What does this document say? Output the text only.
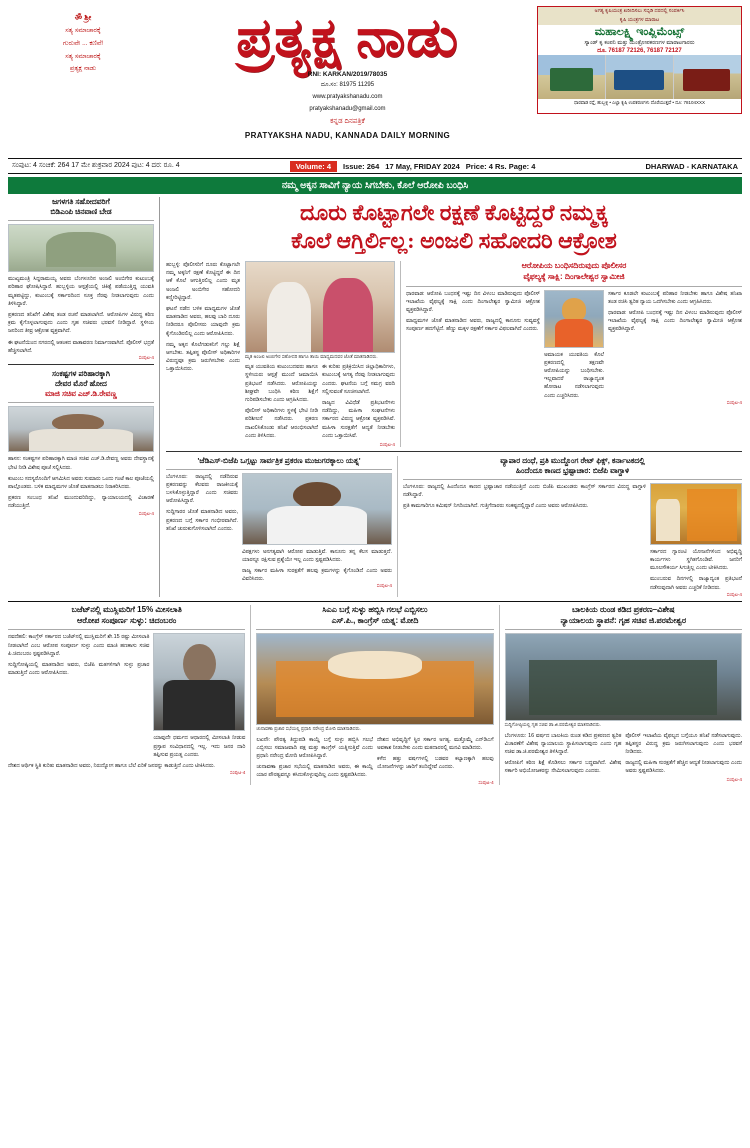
ॐ ಶ್ರೀ
ಸತ್ಯ ಸಮಾಚಾರಕ್ಕೆ
ಗುರುವೇ ... ಕಣಿವೆ!
ಸತ್ಯ ಸಮಾಚಾರಕ್ಕೆ
ಪ್ರತ್ಯಕ್ಷ ನಾಡು
ಪ್ರತ್ಯಕ್ಷ ನಾಡು
RNI: KARKAN/2019/78035
ದೂ.ಸಂ: 81975 11295
www.pratyakshanadu.com
pratyakshanadu@gmail.com
ಕನ್ನಡ ದಿನಪತ್ರಿಕೆ
PRATYAKSHA NADU, KANNADA DAILY MORNING
ಅಗತ್ಯ ಕೃಷಿಯಂತ್ರ ಖರೀದಿಸಲು ಸಬ್ಸಿಡಿ ದರದಲ್ಲಿ ಸಂಪರ್ಕಿಸಿ
ಕೃಷಿ ಯಂತ್ರಗಳ ಮಾರಾಟ
ಮಹಾಲಕ್ಷ್ಮಿ ಇಂಪ್ಲಿಮೆಂಟ್ಸ್
ಸ್ಯಾಂಡ್ ಕೃ ಕಂಪನಿ ಮತ್ತು ಯಂತ್ರೋಪಕರಣಗಳ ಮಾರಾಟಗಾರರು
ದೂ. 76187 72126, 76187 72127
ಧಾರವಾಡ ರಸ್ತೆ, ಹುಬ್ಬಳ್ಳಿ • ಎಲ್ಲಾ ಕೃಷಿ ಉಪಕರಣಗಳು ದೊರೆಯುತ್ತವೆ • ದೂ: 78104XXX
ಸಂಪುಟ: 4 ಸಂಚಿಕೆ: 264 17 ಮೇ ಶುಕ್ರವಾರ 2024 ಪುಟ: 4 ದರ: ರೂ. 4	Volume: 4	Issue: 264 17 May, FRIDAY 2024 Price: 4 Rs. Page: 4	DHARWAD - KARNATAKA
ನಮ್ಮ ಅಕ್ಕನ ಸಾವಿಗೆ ನ್ಯಾಯ ಸಿಗಬೇಕು, ಕೊಲೆ ಆರೋಪಿ ಬಂಧಿಸಿ
ಜಗಳಗತಿ ಸಹೋದವರಿಗೆ
ಬಿಡಿಎಂಪಿ ಚಿನವಾಣಿ ಬೇಡ
ಮುಖ್ಯಮಂತ್ರಿ ಸಿದ್ದರಾಮಯ್ಯ ಅವರು ಬೆಂಗಳೂರಿನ ಅಂಜಲಿ ಅಂಬಿಗೇರ ಕುಟುಂಬಕ್ಕೆ ಪರಿಹಾರ ಘೋಷಿಸಿದ್ದಾರೆ. ಹುಬ್ಬಳ್ಳಿಯ ಆಸ್ಪತ್ರೆಯಲ್ಲಿ ಚಿಕಿತ್ಸೆ ಪಡೆಯುತ್ತಿದ್ದ ಯುವತಿ ಮೃತಪಟ್ಟಿದ್ದು, ಕುಟುಂಬಕ್ಕೆ ಸರ್ಕಾರದಿಂದ ಸೂಕ್ತ ನೆರವು ನೀಡಲಾಗುವುದು ಎಂದು ತಿಳಿಸಿದ್ದಾರೆ.
ಪ್ರಕರಣದ ತನಿಖೆಗೆ ವಿಶೇಷ ತಂಡ ರಚನೆ ಮಾಡಲಾಗಿದೆ. ಆರೋಪಿಗಳ ವಿರುದ್ಧ ಕಠಿಣ ಕ್ರಮ ಕೈಗೊಳ್ಳಲಾಗುವುದು ಎಂದು ಗೃಹ ಸಚಿವರು ಭರವಸೆ ನೀಡಿದ್ದಾರೆ. ಸ್ಥಳೀಯ ಜನರಿಂದ ತೀವ್ರ ಆಕ್ರೋಶ ವ್ಯಕ್ತವಾಗಿದೆ.
ಈ ಘಟನೆಯಿಂದ ನಗರದಲ್ಲಿ ಆತಂಕದ ವಾತಾವರಣ ನಿರ್ಮಾಣವಾಗಿದೆ. ಪೊಲೀಸ್ ಭದ್ರತೆ ಹೆಚ್ಚಿಸಲಾಗಿದೆ.
ಸಂಪುಟ-4
ಸಂಕಷ್ಟಗಳ ಪರಿಹಾರಕ್ಕಾಗಿ
ದೇವರ ಮೊರೆ ಹೋದ
ಮಾಜಿ ಸಚಿವ ಎಚ್.ಡಿ.ರೇವಣ್ಣ
ಹಾಸನ: ಸಂಕಷ್ಟಗಳ ಪರಿಹಾರಕ್ಕಾಗಿ ಮಾಜಿ ಸಚಿವ ಎಚ್.ಡಿ.ರೇವಣ್ಣ ಅವರು ದೇವಸ್ಥಾನಕ್ಕೆ ಭೇಟಿ ನೀಡಿ ವಿಶೇಷ ಪೂಜೆ ಸಲ್ಲಿಸಿದರು.
ಕುಟುಂಬ ಸದಸ್ಯರೊಂದಿಗೆ ಆಗಮಿಸಿದ ಅವರು ಸುಮಾರು ಒಂದು ಗಂಟೆ ಕಾಲ ಪೂಜೆಯಲ್ಲಿ ಪಾಲ್ಗೊಂಡರು. ಬಳಿಕ ಮಾಧ್ಯಮಗಳ ಜೊತೆ ಮಾತನಾಡಲು ನಿರಾಕರಿಸಿದರು.
ಪ್ರಕರಣ ಸಂಬಂಧ ತನಿಖೆ ಮುಂದುವರಿದಿದ್ದು, ನ್ಯಾಯಾಲಯದಲ್ಲಿ ವಿಚಾರಣೆ ನಡೆಯುತ್ತಿದೆ.
ಸಂಪುಟ-4
ದೂರು ಕೊಟ್ಟಾಗಲೇ ರಕ್ಷಣೆ ಕೊಟ್ಟಿದ್ದರೆ ನಮ್ಮಕ್ಕ
ಕೊಲೆ ಆಗ್ತಿರ್ಲಿಲ್ಲ: ಅಂಜಲಿ ಸಹೋದರಿ ಆಕ್ರೋಶ
ಹುಬ್ಬಳ್ಳಿ: ಪೊಲೀಸರಿಗೆ ದೂರು ಕೊಟ್ಟಾಗಲೇ ನಮ್ಮ ಅಕ್ಕನಿಗೆ ರಕ್ಷಣೆ ಕೊಟ್ಟಿದ್ದರೆ ಈ ದಿನ ಆಕೆ ಕೊಲೆ ಆಗುತ್ತಿರಲಿಲ್ಲ ಎಂದು ಮೃತ ಅಂಜಲಿ ಅಂಬಿಗೇರ ಸಹೋದರಿ ಕಣ್ಣೀರಿಟ್ಟಿದ್ದಾರೆ.
ಘಟನೆ ನಡೆದ ಬಳಿಕ ಮಾಧ್ಯಮಗಳ ಜೊತೆ ಮಾತನಾಡಿದ ಅವರು, ಹಲವು ಬಾರಿ ದೂರು ನೀಡಿದರೂ ಪೊಲೀಸರು ಯಾವುದೇ ಕ್ರಮ ಕೈಗೊಂಡಿರಲಿಲ್ಲ ಎಂದು ಆರೋಪಿಸಿದರು.
ನಮ್ಮ ಅಕ್ಕನ ಕೊಲೆಗಡುಕನಿಗೆ ಗಲ್ಲು ಶಿಕ್ಷೆ ಆಗಬೇಕು. ತಪ್ಪಿತಸ್ಥ ಪೊಲೀಸ್ ಅಧಿಕಾರಿಗಳ ವಿರುದ್ಧವೂ ಕ್ರಮ ಜರುಗಿಸಬೇಕು ಎಂದು ಒತ್ತಾಯಿಸಿದರು.
ಮೃತ ಅಂಜಲಿ ಅಂಬಿಗೇರ ಸಹೋದರಿ ಹಾಗೂ ತಾಯಿ ಮಾಧ್ಯಮದವರ ಜೊತೆ ಮಾತನಾಡಿದರು.
ಮೃತ ಯುವತಿಯ ಕುಟುಂಬದವರು ಹಾಗೂ ಸ್ಥಳೀಯರು ಆಸ್ಪತ್ರೆ ಮುಂದೆ ಜಮಾಯಿಸಿ ಪ್ರತಿಭಟನೆ ನಡೆಸಿದರು. ಆರೋಪಿಯನ್ನು ಶೀಘ್ರವೇ ಬಂಧಿಸಿ ಕಠಿಣ ಶಿಕ್ಷೆಗೆ ಗುರಿಪಡಿಸಬೇಕು ಎಂದು ಆಗ್ರಹಿಸಿದರು.
ಪೊಲೀಸ್ ಅಧಿಕಾರಿಗಳು ಸ್ಥಳಕ್ಕೆ ಭೇಟಿ ನೀಡಿ ಪರಿಶೀಲನೆ ನಡೆಸಿದರು. ಪ್ರಕರಣ ದಾಖಲಿಸಿಕೊಂಡು ತನಿಖೆ ಆರಂಭಿಸಲಾಗಿದೆ ಎಂದು ತಿಳಿಸಿದರು.
ಈ ಕುರಿತು ಪ್ರತಿಕ್ರಿಯಿಸಿದ ಜಿಲ್ಲಾಧಿಕಾರಿಗಳು, ಕುಟುಂಬಕ್ಕೆ ಅಗತ್ಯ ನೆರವು ನೀಡಲಾಗುವುದು ಎಂದರು. ಘಟನೆಯ ಬಗ್ಗೆ ಸಮಗ್ರ ವರದಿ ಸಲ್ಲಿಸುವಂತೆ ಸೂಚಿಸಲಾಗಿದೆ.
ರಾಜ್ಯದ ವಿವಿಧೆಡೆ ಪ್ರತಿಭಟನೆಗಳು ನಡೆದಿದ್ದು, ಮಹಿಳಾ ಸಂಘಟನೆಗಳು ಸರ್ಕಾರದ ವಿರುದ್ಧ ಆಕ್ರೋಶ ವ್ಯಕ್ತಪಡಿಸಿವೆ. ಮಹಿಳಾ ಸುರಕ್ಷತೆಗೆ ಆದ್ಯತೆ ನೀಡಬೇಕು ಎಂದು ಒತ್ತಾಯಿಸಿವೆ.
ಸಂಪುಟ-4
ಆರೋಪಿಯ ಬಂಧಿಸದಿರುವುದು ಪೊಲೀಸರ
ವೈಫಲ್ಯಕ್ಕೆ ಸಾಕ್ಷಿ: ದಿಂಗಾಲೇಶ್ವರ ಸ್ವಾಮೀಜಿ
ಧಾರವಾಡ: ಆರೋಪಿ ಬಂಧನಕ್ಕೆ ಇಷ್ಟು ದಿನ ವಿಳಂಬ ಮಾಡಿರುವುದು ಪೊಲೀಸ್ ಇಲಾಖೆಯ ವೈಫಲ್ಯಕ್ಕೆ ಸಾಕ್ಷಿ ಎಂದು ದಿಂಗಾಲೇಶ್ವರ ಸ್ವಾಮೀಜಿ ಆಕ್ರೋಶ ವ್ಯಕ್ತಪಡಿಸಿದ್ದಾರೆ.
ಮಾಧ್ಯಮಗಳ ಜೊತೆ ಮಾತನಾಡಿದ ಅವರು, ರಾಜ್ಯದಲ್ಲಿ ಕಾನೂನು ಸುವ್ಯವಸ್ಥೆ ಸಂಪೂರ್ಣ ಹದಗೆಟ್ಟಿದೆ. ಹೆಣ್ಣು ಮಕ್ಕಳ ರಕ್ಷಣೆಗೆ ಸರ್ಕಾರ ವಿಫಲವಾಗಿದೆ ಎಂದರು.
ಅಮಾಯಕ ಯುವತಿಯ ಕೊಲೆ ಪ್ರಕರಣದಲ್ಲಿ ತಕ್ಷಣವೇ ಆರೋಪಿಯನ್ನು ಬಂಧಿಸಬೇಕು. ಇಲ್ಲವಾದರೆ ರಾಜ್ಯಾದ್ಯಂತ ಹೋರಾಟ ನಡೆಸಲಾಗುವುದು ಎಂದು ಎಚ್ಚರಿಸಿದರು.
ಸರ್ಕಾರ ಕೂಡಲೇ ಕುಟುಂಬಕ್ಕೆ ಪರಿಹಾರ ನೀಡಬೇಕು ಹಾಗೂ ವಿಶೇಷ ತನಿಖಾ ತಂಡ ರಚಿಸಿ ತ್ವರಿತ ನ್ಯಾಯ ಒದಗಿಸಬೇಕು ಎಂದು ಆಗ್ರಹಿಸಿದರು.
ಧಾರವಾಡ: ಆರೋಪಿ ಬಂಧನಕ್ಕೆ ಇಷ್ಟು ದಿನ ವಿಳಂಬ ಮಾಡಿರುವುದು ಪೊಲೀಸ್ ಇಲಾಖೆಯ ವೈಫಲ್ಯಕ್ಕೆ ಸಾಕ್ಷಿ ಎಂದು ದಿಂಗಾಲೇಶ್ವರ ಸ್ವಾಮೀಜಿ ಆಕ್ರೋಶ ವ್ಯಕ್ತಪಡಿಸಿದ್ದಾರೆ.
ಸಂಪುಟ-4
'ಜೆಡಿಎಸ್-ಬಿಜೆಪಿ ಒಗ್ಗಟ್ಟು ಸಾರ್ವತ್ರಿಕ ಪ್ರಕರಣ ಮುಜುಗರಕ್ಕಾಲು ಯತ್ನ'
ಬೆಂಗಳೂರು: ರಾಜ್ಯದಲ್ಲಿ ನಡೆದಿರುವ ಪ್ರಕರಣವನ್ನು ಕೆಲವರು ರಾಜಕೀಯಕ್ಕೆ ಬಳಸಿಕೊಳ್ಳುತ್ತಿದ್ದಾರೆ ಎಂದು ಸಚಿವರು ಆರೋಪಿಸಿದ್ದಾರೆ.
ಸುದ್ದಿಗಾರರ ಜೊತೆ ಮಾತನಾಡಿದ ಅವರು, ಪ್ರಕರಣದ ಬಗ್ಗೆ ಸರ್ಕಾರ ಗಂಭೀರವಾಗಿದೆ. ತನಿಖೆ ಚುರುಕುಗೊಳಿಸಲಾಗಿದೆ ಎಂದರು.
ವಿಪಕ್ಷಗಳು ಅನಗತ್ಯವಾಗಿ ಆರೋಪ ಮಾಡುತ್ತಿವೆ. ಕಾನೂನು ತನ್ನ ಕೆಲಸ ಮಾಡುತ್ತದೆ. ಯಾರನ್ನೂ ರಕ್ಷಿಸುವ ಪ್ರಶ್ನೆಯೇ ಇಲ್ಲ ಎಂದು ಸ್ಪಷ್ಟಪಡಿಸಿದರು.
ರಾಜ್ಯ ಸರ್ಕಾರ ಮಹಿಳಾ ಸುರಕ್ಷತೆಗೆ ಹಲವು ಕ್ರಮಗಳನ್ನು ಕೈಗೊಂಡಿದೆ ಎಂದು ಅವರು ವಿವರಿಸಿದರು.
ಸಂಪುಟ-4
ವ್ಯಾಪಾರ ದಂಧೆ, ಪ್ರತಿ ಮುದ್ದೊಂಗ ರೇಟ್ ಫಿಕ್ಸ್, ಕರ್ನಾಟಕದಲ್ಲಿ
ಹಿಂದೆಂದೂ ಕಾಣದ ಭ್ರಷ್ಟಾಚಾರ: ಬಿಜೆಪಿ ವಾಗ್ದಾಳಿ
ಬೆಂಗಳೂರು: ರಾಜ್ಯದಲ್ಲಿ ಹಿಂದೆಂದೂ ಕಾಣದ ಭ್ರಷ್ಟಾಚಾರ ನಡೆಯುತ್ತಿದೆ ಎಂದು ಬಿಜೆಪಿ ಮುಖಂಡರು ಕಾಂಗ್ರೆಸ್ ಸರ್ಕಾರದ ವಿರುದ್ಧ ವಾಗ್ದಾಳಿ ನಡೆಸಿದ್ದಾರೆ.
ಪ್ರತಿ ಕಾಮಗಾರಿಗೂ ಕಮಿಷನ್ ನಿಗದಿಯಾಗಿದೆ. ಗುತ್ತಿಗೆದಾರರು ಸಂಕಷ್ಟದಲ್ಲಿದ್ದಾರೆ ಎಂದು ಅವರು ಆರೋಪಿಸಿದರು.
ಸರ್ಕಾರದ ಗ್ಯಾರಂಟಿ ಯೋಜನೆಗಳಿಂದ ಅಭಿವೃದ್ಧಿ ಕಾರ್ಯಗಳು ಸ್ಥಗಿತಗೊಂಡಿವೆ. ಜನರಿಗೆ ಮೂಲಸೌಕರ್ಯ ಸಿಗುತ್ತಿಲ್ಲ ಎಂದು ಟೀಕಿಸಿದರು.
ಮುಂಬರುವ ದಿನಗಳಲ್ಲಿ ರಾಜ್ಯಾದ್ಯಂತ ಪ್ರತಿಭಟನೆ ನಡೆಸುವುದಾಗಿ ಅವರು ಎಚ್ಚರಿಕೆ ನೀಡಿದರು.
ಸಂಪುಟ-4
ಬಜೆಟ್‌ನಲ್ಲಿ ಮುಸ್ಲಿಮರಿಗೆ 15% ಮೀಸಲಾತಿ
ಆರೋಪ ಸಂಪೂರ್ಣ ಸುಳ್ಳು: ಚಿದಂಬರಂ
ನವದೆಹಲಿ: ಕಾಂಗ್ರೆಸ್ ಸರ್ಕಾರದ ಬಜೆಟ್‌ನಲ್ಲಿ ಮುಸ್ಲಿಮರಿಗೆ ಶೇ.15 ರಷ್ಟು ಮೀಸಲಾತಿ ನೀಡಲಾಗಿದೆ ಎಂಬ ಆರೋಪ ಸಂಪೂರ್ಣ ಸುಳ್ಳು ಎಂದು ಮಾಜಿ ಹಣಕಾಸು ಸಚಿವ ಪಿ.ಚಿದಂಬರಂ ಸ್ಪಷ್ಟಪಡಿಸಿದ್ದಾರೆ.
ಸುದ್ದಿಗೋಷ್ಠಿಯಲ್ಲಿ ಮಾತನಾಡಿದ ಅವರು, ಬಿಜೆಪಿ ಮತಗಳಿಗಾಗಿ ಸುಳ್ಳು ಪ್ರಚಾರ ಮಾಡುತ್ತಿದೆ ಎಂದು ಆರೋಪಿಸಿದರು.
ಯಾವುದೇ ಧರ್ಮದ ಆಧಾರದಲ್ಲಿ ಮೀಸಲಾತಿ ನೀಡುವ ಪ್ರಸ್ತಾಪ ಸಂವಿಧಾನದಲ್ಲಿ ಇಲ್ಲ. ಇದು ಜನರ ದಾರಿ ತಪ್ಪಿಸುವ ಪ್ರಯತ್ನ ಎಂದರು.
ದೇಶದ ಆರ್ಥಿಕ ಸ್ಥಿತಿ ಕುರಿತು ಮಾತನಾಡಿದ ಅವರು, ನಿರುದ್ಯೋಗ ಹಾಗೂ ಬೆಲೆ ಏರಿಕೆ ಜನರನ್ನು ಕಾಡುತ್ತಿದೆ ಎಂದು ಟೀಕಿಸಿದರು.
ಸಂಪುಟ-4
ಸಿಎಎ ಬಗ್ಗೆ ಸುಳ್ಳು ಹಬ್ಬಿಸಿ ಗಲಭೆ ಎಬ್ಬಿಸಲು
ಎಸ್.ಪಿ., ಕಾಂಗ್ರೆಸ್ ಯತ್ನ: ಮೋದಿ
ಚುನಾವಣಾ ಪ್ರಚಾರ ಸಭೆಯಲ್ಲಿ ಪ್ರಧಾನಿ ನರೇಂದ್ರ ಮೋದಿ ಮಾತನಾಡಿದರು.
ಲಖನೌ: ಪೌರತ್ವ ತಿದ್ದುಪಡಿ ಕಾಯ್ದೆ ಬಗ್ಗೆ ಸುಳ್ಳು ಹಬ್ಬಿಸಿ ಗಲಭೆ ಎಬ್ಬಿಸಲು ಸಮಾಜವಾದಿ ಪಕ್ಷ ಮತ್ತು ಕಾಂಗ್ರೆಸ್ ಯತ್ನಿಸುತ್ತಿವೆ ಎಂದು ಪ್ರಧಾನಿ ನರೇಂದ್ರ ಮೋದಿ ಆರೋಪಿಸಿದ್ದಾರೆ.
ಚುನಾವಣಾ ಪ್ರಚಾರ ಸಭೆಯಲ್ಲಿ ಮಾತನಾಡಿದ ಅವರು, ಈ ಕಾಯ್ದೆ ಯಾರ ಪೌರತ್ವವನ್ನೂ ಕಸಿದುಕೊಳ್ಳುವುದಿಲ್ಲ ಎಂದು ಸ್ಪಷ್ಟಪಡಿಸಿದರು.
ದೇಶದ ಅಭಿವೃದ್ಧಿಗೆ ಸ್ಥಿರ ಸರ್ಕಾರ ಅಗತ್ಯ. ಮತ್ತೊಮ್ಮೆ ಎನ್‌ಡಿಎಗೆ ಅವಕಾಶ ನೀಡಬೇಕು ಎಂದು ಮತದಾರರಲ್ಲಿ ಮನವಿ ಮಾಡಿದರು.
ಕಳೆದ ಹತ್ತು ವರ್ಷಗಳಲ್ಲಿ ಬಡವರ ಕಲ್ಯಾಣಕ್ಕಾಗಿ ಹಲವು ಯೋಜನೆಗಳನ್ನು ಜಾರಿಗೆ ತಂದಿದ್ದೇವೆ ಎಂದರು.
ಸಂಪುಟ-4
ಬಾಲಕಿಯ ರುಂಡ ಕಡಿದ ಪ್ರಕರಣ–ವಿಶೇಷ
ನ್ಯಾಯಾಲಯ ಸ್ಥಾಪನೆ: ಗೃಹ ಸಚಿವ ಜಿ.ಪರಮೇಶ್ವರ
ಸುದ್ದಿಗೋಷ್ಠಿಯಲ್ಲಿ ಗೃಹ ಸಚಿವ ಡಾ.ಜಿ.ಪರಮೇಶ್ವರ ಮಾತನಾಡಿದರು.
ಬೆಂಗಳೂರು: 16 ವರ್ಷದ ಬಾಲಕಿಯ ರುಂಡ ಕಡಿದ ಪ್ರಕರಣದ ತ್ವರಿತ ವಿಚಾರಣೆಗೆ ವಿಶೇಷ ನ್ಯಾಯಾಲಯ ಸ್ಥಾಪಿಸಲಾಗುವುದು ಎಂದು ಗೃಹ ಸಚಿವ ಡಾ.ಜಿ.ಪರಮೇಶ್ವರ ತಿಳಿಸಿದ್ದಾರೆ.
ಆರೋಪಿಗೆ ಕಠಿಣ ಶಿಕ್ಷೆ ಕೊಡಿಸಲು ಸರ್ಕಾರ ಬದ್ಧವಾಗಿದೆ. ವಿಶೇಷ ಸರ್ಕಾರಿ ಅಭಿಯೋಜಕರನ್ನು ನೇಮಿಸಲಾಗುವುದು ಎಂದರು.
ಪೊಲೀಸ್ ಇಲಾಖೆಯ ವೈಫಲ್ಯದ ಬಗ್ಗೆಯೂ ತನಿಖೆ ನಡೆಸಲಾಗುವುದು. ತಪ್ಪಿತಸ್ಥರ ವಿರುದ್ಧ ಕ್ರಮ ಜರುಗಿಸಲಾಗುವುದು ಎಂದು ಭರವಸೆ ನೀಡಿದರು.
ರಾಜ್ಯದಲ್ಲಿ ಮಹಿಳಾ ಸುರಕ್ಷತೆಗೆ ಹೆಚ್ಚಿನ ಆದ್ಯತೆ ನೀಡಲಾಗುವುದು ಎಂದು ಅವರು ಸ್ಪಷ್ಟಪಡಿಸಿದರು.
ಸಂಪುಟ-4
